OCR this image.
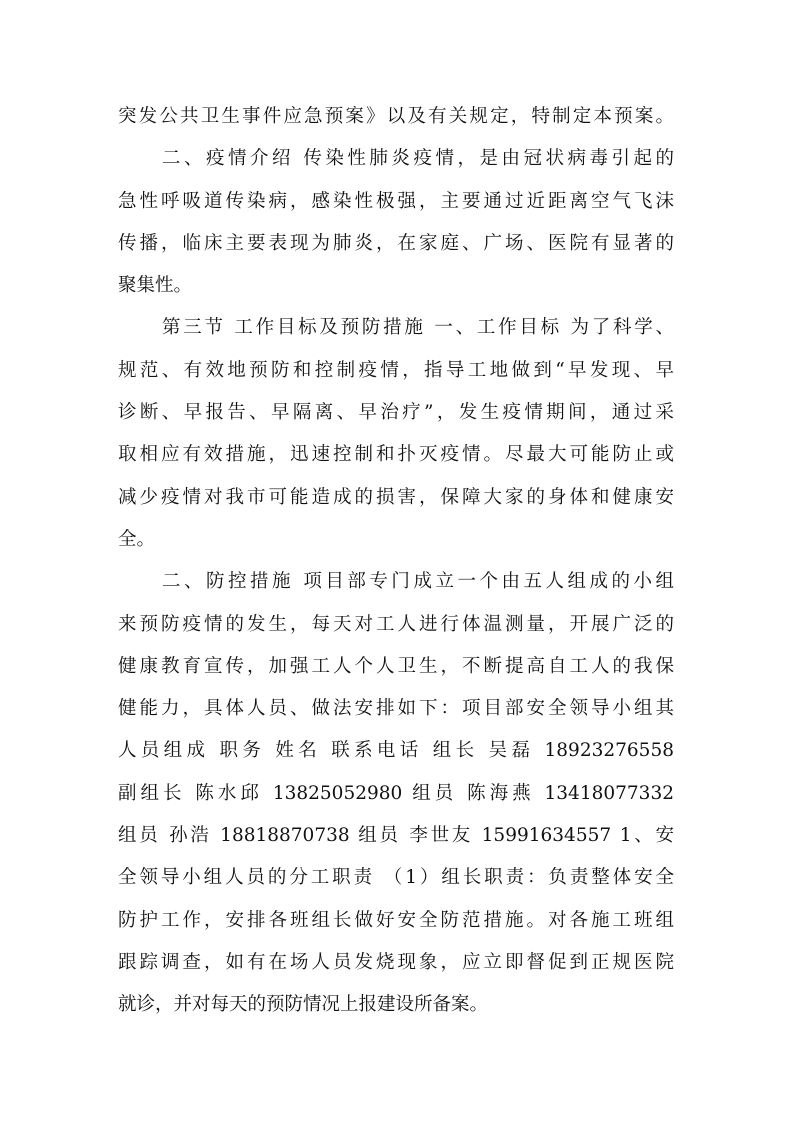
突发公共卫生事件应急预案》以及有关规定，特制定本预案。
二、疫情介绍 传染性肺炎疫情，是由冠状病毒引起的
急性呼吸道传染病，感染性极强，主要通过近距离空气飞沫
传播，临床主要表现为肺炎，在家庭、广场、医院有显著的
聚集性。
第三节 工作目标及预防措施 一、工作目标 为了科学、
规范、有效地预防和控制疫情，指导工地做到“早发现、早
诊断、早报告、早隔离、早治疗”，发生疫情期间，通过采
取相应有效措施，迅速控制和扑灭疫情。尽最大可能防止或
减少疫情对我市可能造成的损害，保障大家的身体和健康安
全。
二、防控措施 项目部专门成立一个由五人组成的小组
来预防疫情的发生，每天对工人进行体温测量，开展广泛的
健康教育宣传，加强工人个人卫生，不断提高自工人的我保
健能力，具体人员、做法安排如下：项目部安全领导小组其
人员组成 职务 姓名 联系电话 组长 吴磊 18923276558
副组长 陈水邱 13825052980 组员 陈海燕 13418077332
组员 孙浩 18818870738 组员 李世友 15991634557 1、安
全领导小组人员的分工职责 （1）组长职责：负责整体安全
防护工作，安排各班组长做好安全防范措施。对各施工班组
跟踪调查，如有在场人员发烧现象，应立即督促到正规医院
就诊，并对每天的预防情况上报建设所备案。
